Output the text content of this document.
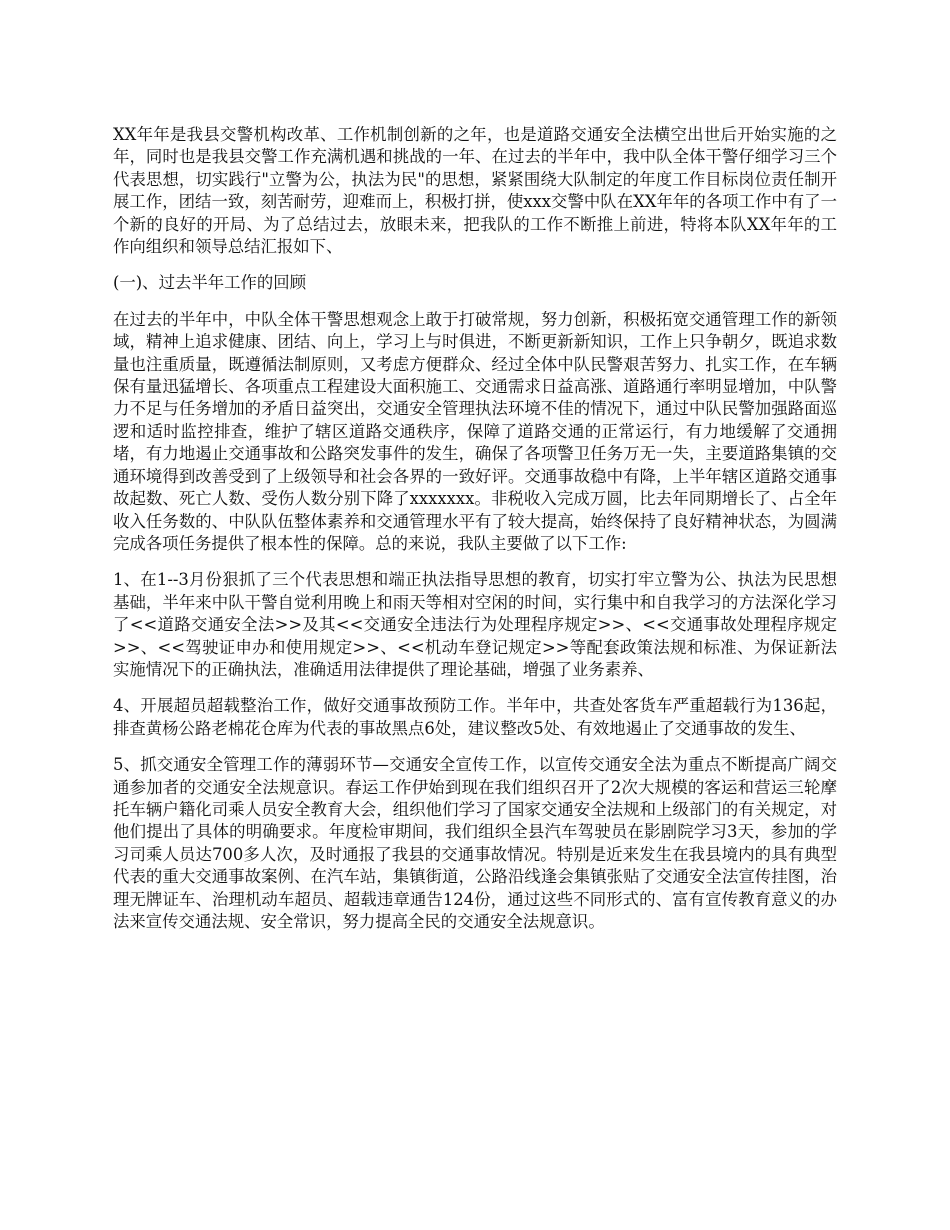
XX年年是我县交警机构改革、工作机制创新的之年，也是道路交通安全法横空出世后开始实施的之年，同时也是我县交警工作充满机遇和挑战的一年、在过去的半年中，我中队全体干警仔细学习三个代表思想，切实践行"立警为公，执法为民"的思想，紧紧围绕大队制定的年度工作目标岗位责任制开展工作，团结一致，刻苦耐劳，迎难而上，积极打拼，使xxx交警中队在XX年年的各项工作中有了一个新的良好的开局、为了总结过去，放眼未来，把我队的工作不断推上前进，特将本队XX年年的工作向组织和领导总结汇报如下、

(一)、过去半年工作的回顾

在过去的半年中，中队全体干警思想观念上敢于打破常规，努力创新，积极拓宽交通管理工作的新领域，精神上追求健康、团结、向上，学习上与时俱进，不断更新新知识，工作上只争朝夕，既追求数量也注重质量，既遵循法制原则，又考虑方便群众、经过全体中队民警艰苦努力、扎实工作，在车辆保有量迅猛增长、各项重点工程建设大面积施工、交通需求日益高涨、道路通行率明显增加，中队警力不足与任务增加的矛盾日益突出，交通安全管理执法环境不佳的情况下，通过中队民警加强路面巡逻和适时监控排查，维护了辖区道路交通秩序，保障了道路交通的正常运行，有力地缓解了交通拥堵，有力地遏止交通事故和公路突发事件的发生，确保了各项警卫任务万无一失，主要道路集镇的交通环境得到改善受到了上级领导和社会各界的一致好评。交通事故稳中有降，上半年辖区道路交通事故起数、死亡人数、受伤人数分别下降了xxxxxxx。非税收入完成万圆，比去年同期增长了、占全年收入任务数的、中队队伍整体素养和交通管理水平有了较大提高，始终保持了良好精神状态，为圆满完成各项任务提供了根本性的保障。总的来说，我队主要做了以下工作:

1、在1--3月份狠抓了三个代表思想和端正执法指导思想的教育，切实打牢立警为公、执法为民思想基础，半年来中队干警自觉利用晚上和雨天等相对空闲的时间，实行集中和自我学习的方法深化学习了<<道路交通安全法>>及其<<交通安全违法行为处理程序规定>>、<<交通事故处理程序规定>>、<<驾驶证申办和使用规定>>、<<机动车登记规定>>等配套政策法规和标准、为保证新法实施情况下的正确执法，准确适用法律提供了理论基础，增强了业务素养、

4、开展超员超载整治工作，做好交通事故预防工作。半年中，共查处客货车严重超载行为136起，排查黄杨公路老棉花仓库为代表的事故黑点6处，建议整改5处、有效地遏止了交通事故的发生、

5、抓交通安全管理工作的薄弱环节—交通安全宣传工作，以宣传交通安全法为重点不断提高广阔交通参加者的交通安全法规意识。春运工作伊始到现在我们组织召开了2次大规模的客运和营运三轮摩托车辆户籍化司乘人员安全教育大会，组织他们学习了国家交通安全法规和上级部门的有关规定，对他们提出了具体的明确要求。年度检审期间，我们组织全县汽车驾驶员在影剧院学习3天，参加的学习司乘人员达700多人次，及时通报了我县的交通事故情况。特别是近来发生在我县境内的具有典型代表的重大交通事故案例、在汽车站，集镇街道，公路沿线逢会集镇张贴了交通安全法宣传挂图，治理无牌证车、治理机动车超员、超载违章通告124份，通过这些不同形式的、富有宣传教育意义的办法来宣传交通法规、安全常识，努力提高全民的交通安全法规意识。
